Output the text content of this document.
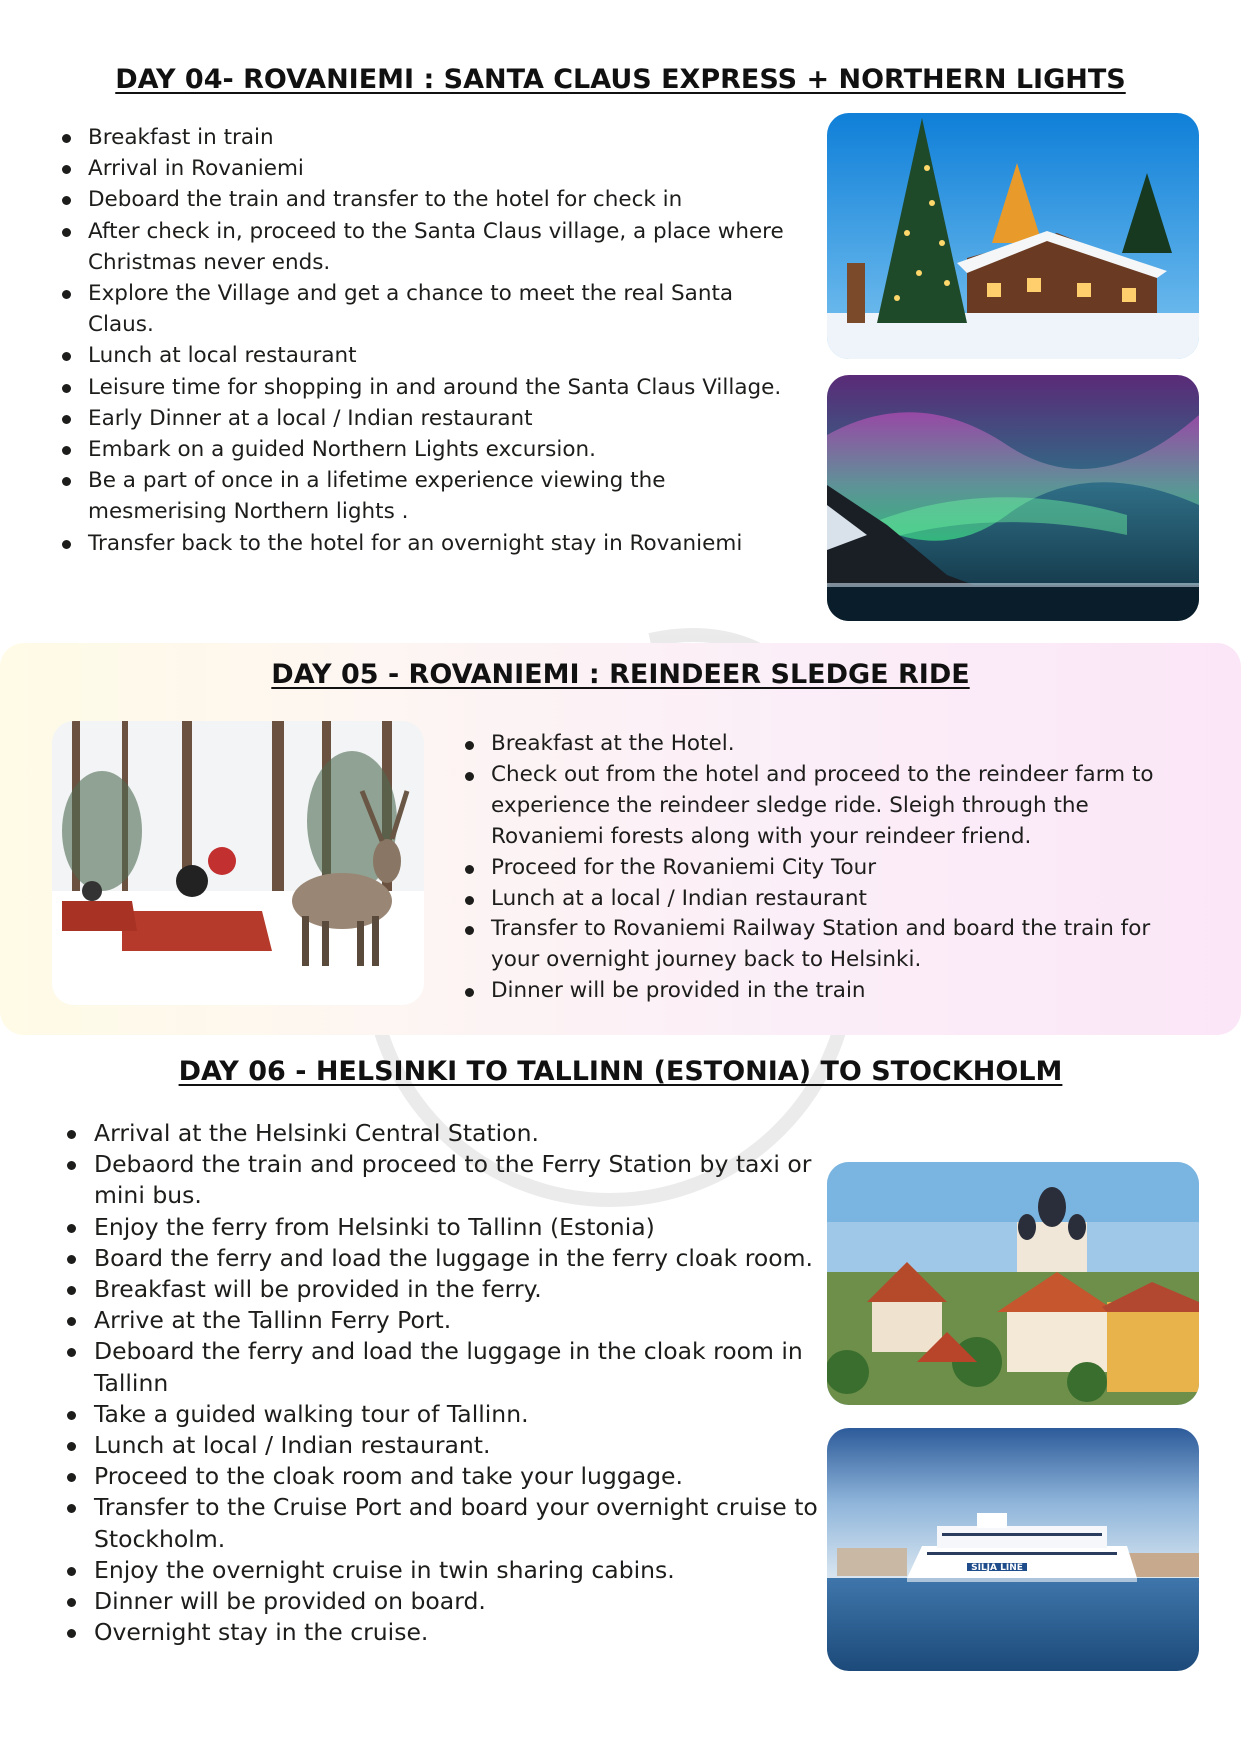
DAY 04- ROVANIEMI : SANTA CLAUS EXPRESS + NORTHERN LIGHTS
Breakfast in train
Arrival in Rovaniemi
Deboard the train and transfer to the hotel for check in
After check in, proceed to the Santa Claus village, a place where Christmas never ends.
Explore the Village and get a chance to meet the real Santa Claus.
Lunch at local restaurant
Leisure time for shopping in and around the Santa Claus Village.
Early Dinner at a local / Indian restaurant
Embark on a guided Northern Lights excursion.
Be a part of once in a lifetime experience viewing the mesmerising Northern lights .
Transfer back to the hotel for an overnight stay in Rovaniemi
DAY 05 - ROVANIEMI : REINDEER SLEDGE RIDE
Breakfast at the Hotel.
Check out from the hotel and proceed to the reindeer farm to experience the reindeer sledge ride. Sleigh through the Rovaniemi forests along with your reindeer friend.
Proceed for the Rovaniemi City Tour
Lunch at a local / Indian restaurant
Transfer to Rovaniemi Railway Station and board the train for your overnight journey back to Helsinki.
Dinner will be provided in the train
DAY 06 - HELSINKI TO TALLINN (ESTONIA) TO STOCKHOLM
Arrival at the Helsinki Central Station.
Debaord the train and proceed to the Ferry Station by taxi or mini bus.
Enjoy the ferry from Helsinki to Tallinn (Estonia)
Board the ferry and load the luggage in the ferry cloak room.
Breakfast will be provided in the ferry.
Arrive at the Tallinn Ferry Port.
Deboard the ferry and load the luggage in the cloak room in Tallinn
Take a guided walking tour of Tallinn.
Lunch at local / Indian restaurant.
Proceed to the cloak room and take your luggage.
Transfer to the Cruise Port and board your overnight cruise to Stockholm.
Enjoy the overnight cruise in twin sharing cabins.
Dinner will be provided on board.
Overnight stay in the cruise.
SILJA LINE
